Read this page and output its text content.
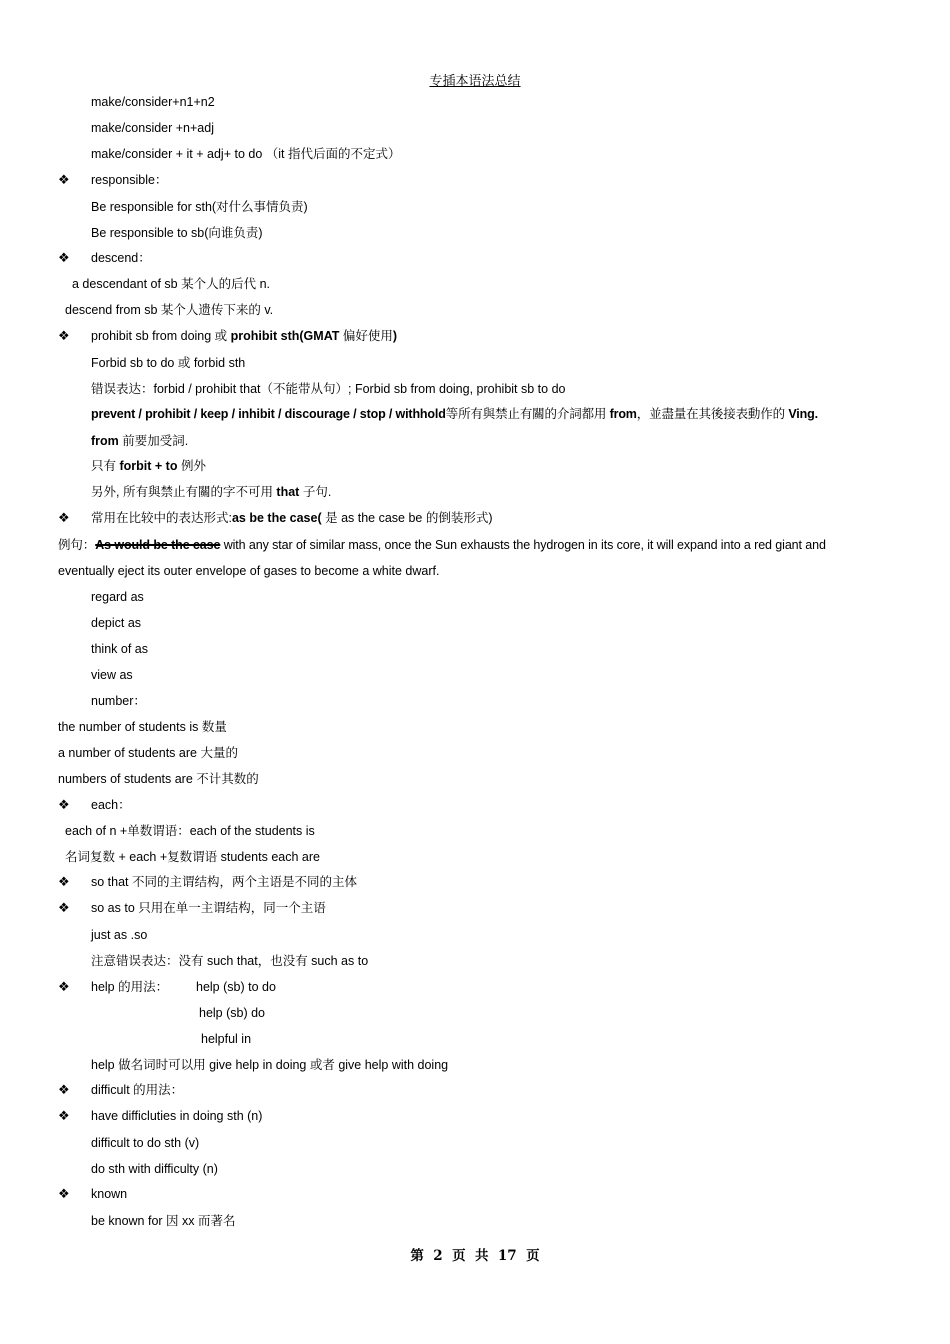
专插本语法总结
make/consider+n1+n2
make/consider +n+adj
make/consider + it + adj+ to do （it 指代后面的不定式）
❖ responsible：
Be responsible for sth(对什么事情负责)
Be responsible to sb(向谁负责)
❖ descend：
a descendant of sb 某个人的后代 n.
descend from sb 某个人遗传下来的 v.
❖ prohibit sb from doing 或 prohibit sth(GMAT 偏好使用)
Forbid sb to do 或 forbid sth
错误表达：forbid / prohibit that（不能带从句）; Forbid sb from doing, prohibit sb to do
prevent / prohibit / keep / inhibit / discourage / stop / withhold等所有與禁止有關的介詞都用 from，並盡量在其後接表動作的 Ving.
from 前要加受詞.
只有 forbit + to 例外
另外, 所有與禁止有關的字不可用 that 子句.
❖ 常用在比较中的表达形式:as be the case( 是 as the case be 的倒装形式)
例句：As would be the case with any star of similar mass, once the Sun exhausts the hydrogen in its core, it will expand into a red giant and
eventually eject its outer envelope of gases to become a white dwarf.
regard as
depict as
think of as
view as
number：
the number of students is 数量
a number of students are 大量的
numbers of students are 不计其数的
❖ each：
each of n +单数谓语：each of the students is
名词复数 + each +复数谓语 students each are
❖ so that 不同的主谓结构，两个主语是不同的主体
❖ so as to 只用在单一主谓结构，同一个主语
just as .so
注意错误表达：没有 such that，也没有 such as to
❖ help 的用法： help (sb) to do
help (sb) do
helpful in
help 做名词时可以用 give help in doing 或者 give help with doing
❖ difficult 的用法：
❖ have difficluties in doing sth (n)
difficult to do sth (v)
do sth with difficulty (n)
❖ known
be known for 因 xx 而著名
第 2 页 共 17 页
